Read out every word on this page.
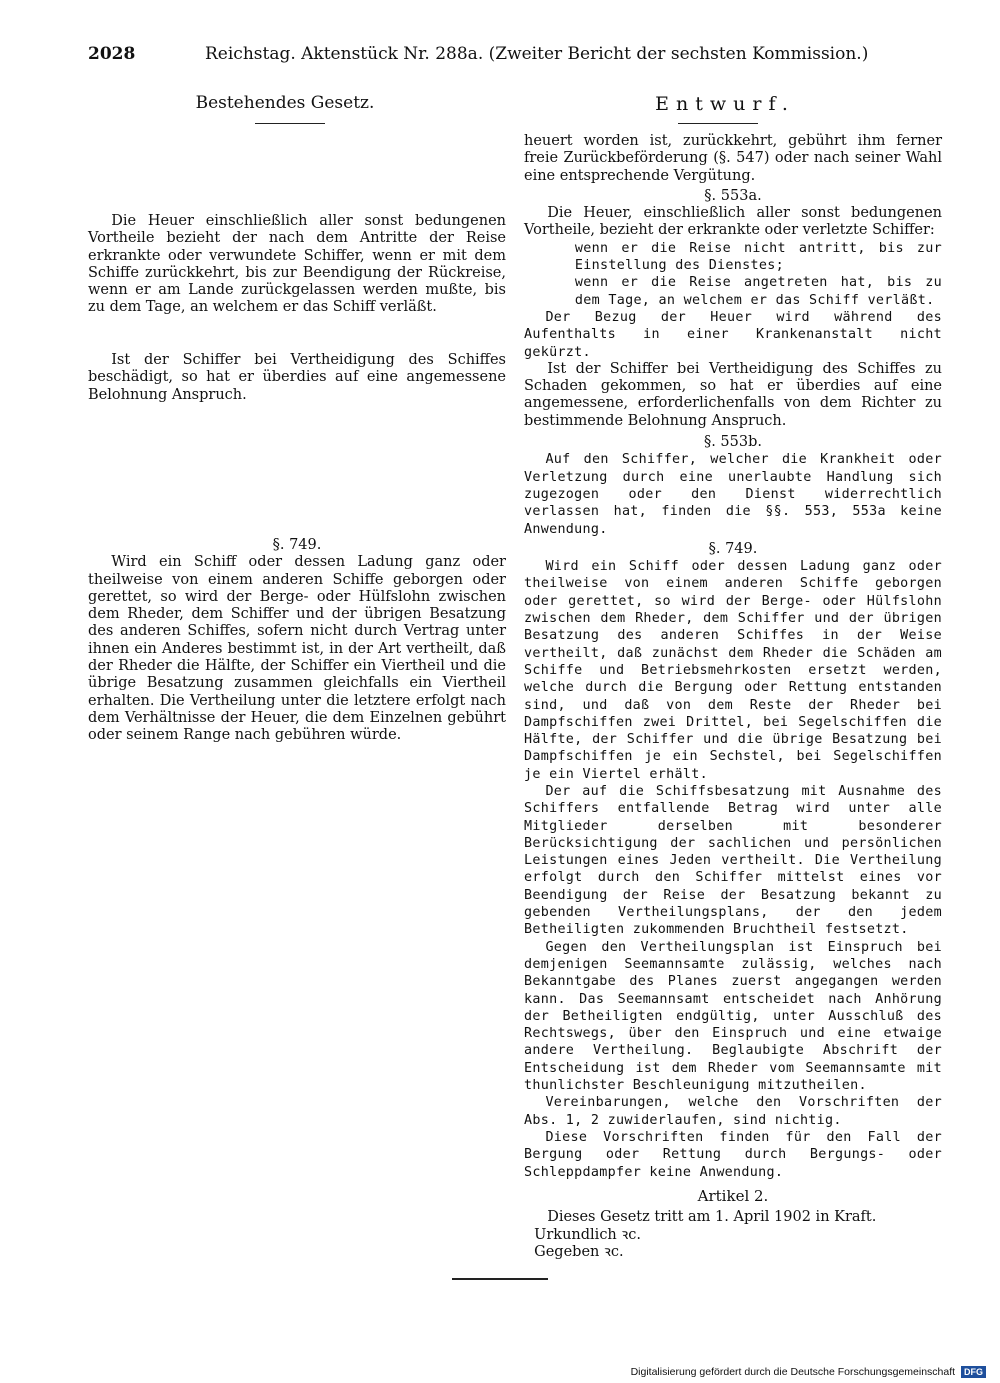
2028	Reichstag. Aktenstück Nr. 288a. (Zweiter Bericht der sechsten Kommission.)
Bestehendes Gesetz.

Die Heuer einschließlich aller sonst bedungenen Vortheile bezieht der nach dem Antritte der Reise erkrankte oder verwundete Schiffer, wenn er mit dem Schiffe zurückkehrt, bis zur Beendigung der Rückreise, wenn er am Lande zurückgelassen werden mußte, bis zu dem Tage, an welchem er das Schiff verläßt.

Ist der Schiffer bei Vertheidigung des Schiffes beschädigt, so hat er überdies auf eine angemessene Belohnung Anspruch.

§. 749.

Wird ein Schiff oder dessen Ladung ganz oder theilweise von einem anderen Schiffe geborgen oder gerettet, so wird der Berge- oder Hülfslohn zwischen dem Rheder, dem Schiffer und der übrigen Besatzung des anderen Schiffes, sofern nicht durch Vertrag unter ihnen ein Anderes bestimmt ist, in der Art vertheilt, daß der Rheder die Hälfte, der Schiffer ein Viertheil und die übrige Besatzung zusammen gleichfalls ein Viertheil erhalten. Die Vertheilung unter die letztere erfolgt nach dem Verhältnisse der Heuer, die dem Einzelnen gebührt oder seinem Range nach gebühren würde.

Entwurf.

heuert worden ist, zurückkehrt, gebührt ihm ferner freie Zurückbeförderung (§. 547) oder nach seiner Wahl eine entsprechende Vergütung.

§. 553a.

Die Heuer, einschließlich aller sonst bedungenen Vortheile, bezieht der erkrankte oder verletzte Schiffer:

wenn er die Reise nicht antritt, bis zur Einstellung des Dienstes;

wenn er die Reise angetreten hat, bis zu dem Tage, an welchem er das Schiff verläßt.

Der Bezug der Heuer wird während des Aufenthalts in einer Krankenanstalt nicht gekürzt.

Ist der Schiffer bei Vertheidigung des Schiffes zu Schaden gekommen, so hat er überdies auf eine angemessene, erforderlichenfalls von dem Richter zu bestimmende Belohnung Anspruch.

§. 553b.

Auf den Schiffer, welcher die Krankheit oder Verletzung durch eine unerlaubte Handlung sich zugezogen oder den Dienst widerrechtlich verlassen hat, finden die §§. 553, 553a keine Anwendung.

§. 749.

Wird ein Schiff oder dessen Ladung ganz oder theilweise von einem anderen Schiffe geborgen oder gerettet, so wird der Berge- oder Hülfslohn zwischen dem Rheder, dem Schiffer und der übrigen Besatzung des anderen Schiffes in der Weise vertheilt, daß zunächst dem Rheder die Schäden am Schiffe und Betriebsmehrkosten ersetzt werden, welche durch die Bergung oder Rettung entstanden sind, und daß von dem Reste der Rheder bei Dampfschiffen zwei Drittel, bei Segelschiffen die Hälfte, der Schiffer und die übrige Besatzung bei Dampfschiffen je ein Sechstel, bei Segelschiffen je ein Viertel erhält.

Der auf die Schiffsbesatzung mit Ausnahme des Schiffers entfallende Betrag wird unter alle Mitglieder derselben mit besonderer Berücksichtigung der sachlichen und persönlichen Leistungen eines Jeden vertheilt. Die Vertheilung erfolgt durch den Schiffer mittelst eines vor Beendigung der Reise der Besatzung bekannt zu gebenden Vertheilungsplans, der den jedem Betheiligten zukommenden Bruchtheil festsetzt.

Gegen den Vertheilungsplan ist Einspruch bei demjenigen Seemannsamte zulässig, welches nach Bekanntgabe des Planes zuerst angegangen werden kann. Das Seemannsamt entscheidet nach Anhörung der Betheiligten endgültig, unter Ausschluß des Rechtswegs, über den Einspruch und eine etwaige andere Vertheilung. Beglaubigte Abschrift der Entscheidung ist dem Rheder vom Seemannsamte mit thunlichster Beschleunigung mitzutheilen.

Vereinbarungen, welche den Vorschriften der Abs. 1, 2 zuwiderlaufen, sind nichtig.

Diese Vorschriften finden für den Fall der Bergung oder Rettung durch Bergungs- oder Schleppdampfer keine Anwendung.

Artikel 2.

Dieses Gesetz tritt am 1. April 1902 in Kraft.

Urkundlich ꝛc.

Gegeben ꝛc.

Digitalisierung gefördert durch die Deutsche Forschungsgemeinschaft DFG
